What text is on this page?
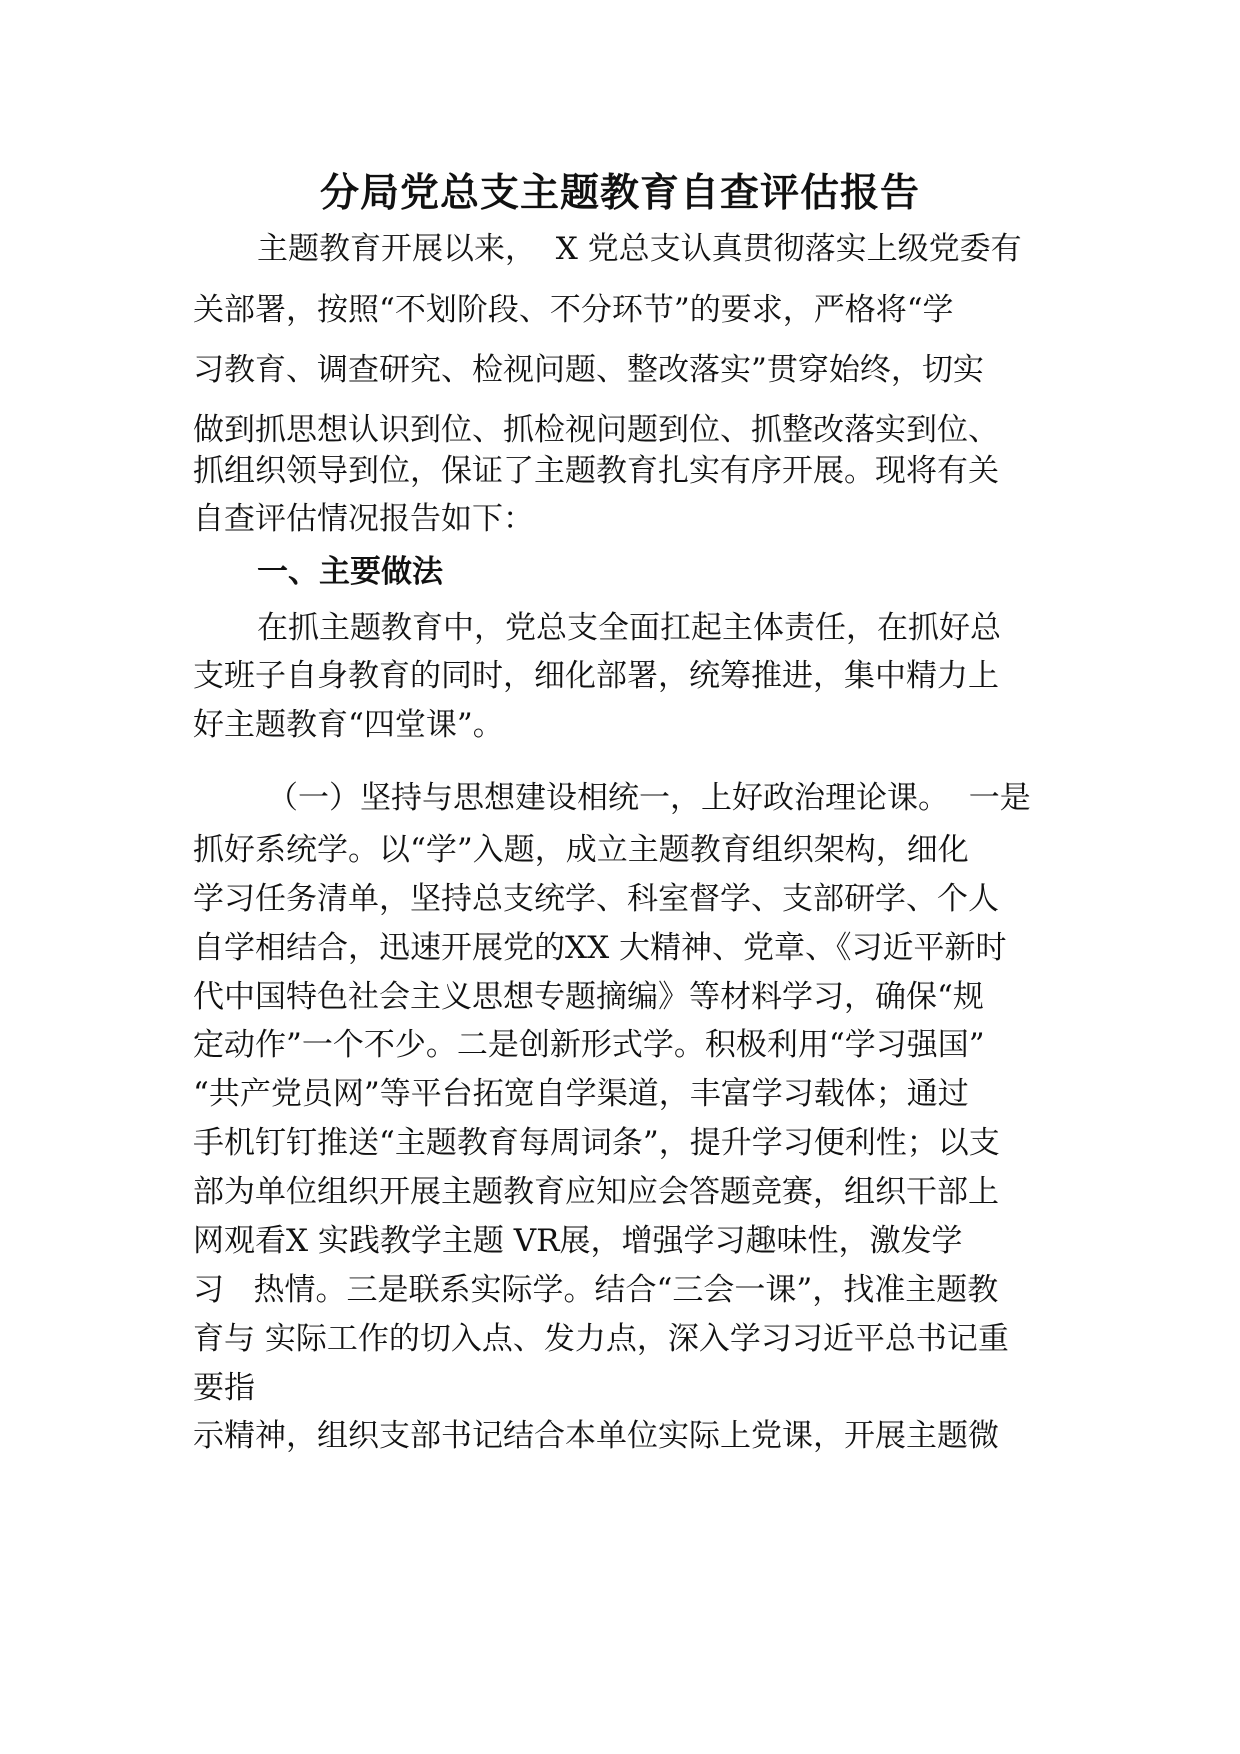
分局党总支主题教育自查评估报告
主题教育开展以来，  X 党总支认真贯彻落实上级党委有
关部署，按照“不划阶段、不分环节”的要求，严格将“学
习教育、调查研究、检视问题、整改落实”贯穿始终，切实
做到抓思想认识到位、抓检视问题到位、抓整改落实到位、
抓组织领导到位，保证了主题教育扎实有序开展。现将有关
自查评估情况报告如下：
一、主要做法
在抓主题教育中，党总支全面扛起主体责任，在抓好总
支班子自身教育的同时，细化部署，统筹推进，集中精力上
好主题教育“四堂课”。
（一）坚持与思想建设相统一，上好政治理论课。  一是
抓好系统学。以“学”入题，成立主题教育组织架构，细化
学习任务清单，坚持总支统学、科室督学、支部研学、个人
自学相结合，迅速开展党的XX 大精神、党章、《习近平新时
代中国特色社会主义思想专题摘编》等材料学习，确保“规
定动作”一个不少。二是创新形式学。积极利用“学习强国”
“共产党员网”等平台拓宽自学渠道，丰富学习载体；通过
手机钉钉推送“主题教育每周词条”，提升学习便利性；以支
部为单位组织开展主题教育应知应会答题竞赛，组织干部上
网观看X 实践教学主题 VR展，增强学习趣味性，激发学
习   热情。三是联系实际学。结合“三会一课”，找准主题教
育与 实际工作的切入点、发力点，深入学习习近平总书记重
要指
示精神，组织支部书记结合本单位实际上党课，开展主题微
